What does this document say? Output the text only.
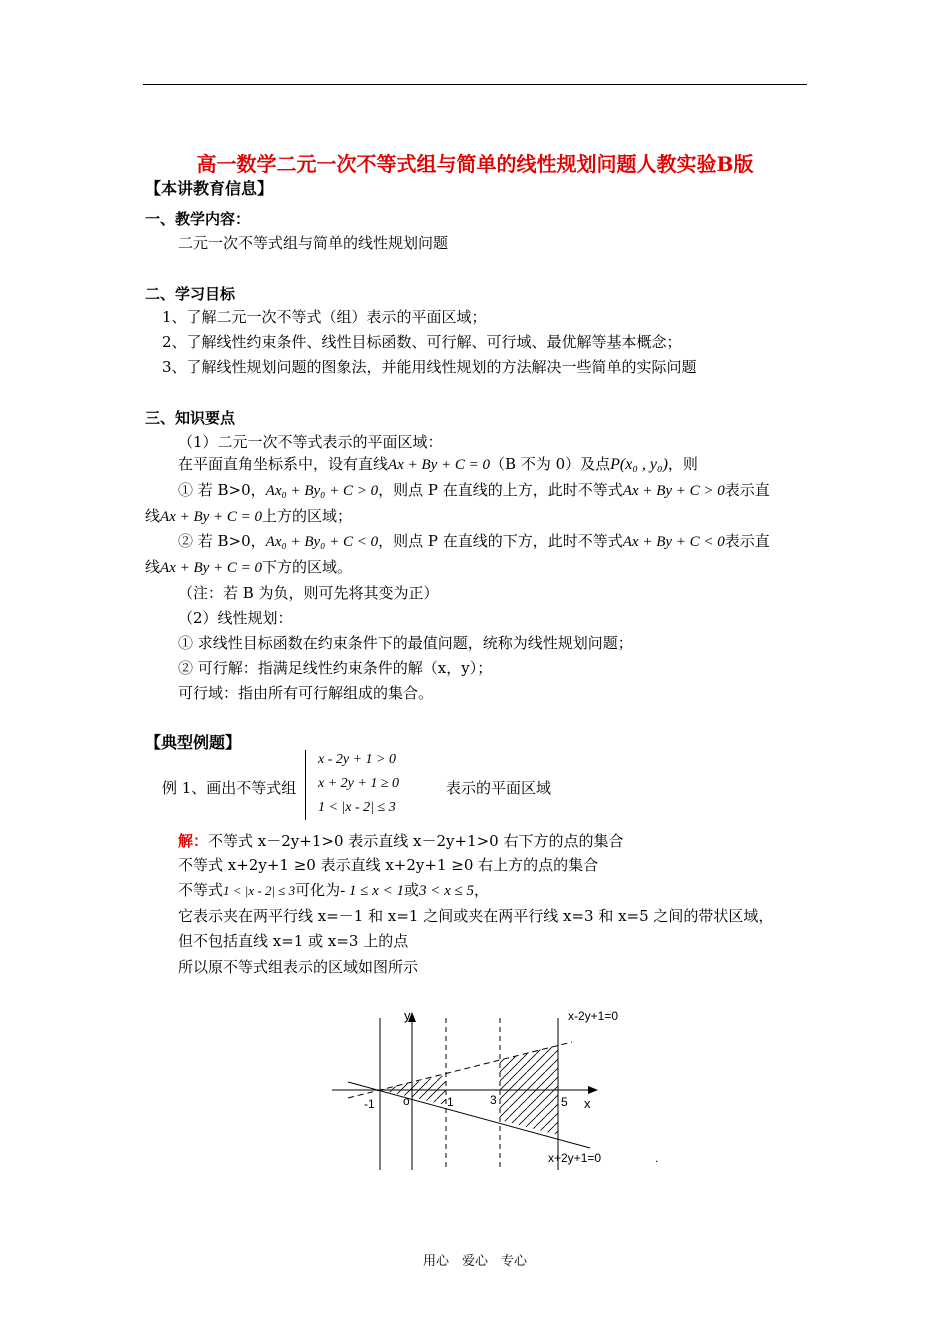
高一数学二元一次不等式组与简单的线性规划问题人教实验B版
【本讲教育信息】
一、教学内容：
二元一次不等式组与简单的线性规划问题
二、学习目标
1、了解二元一次不等式（组）表示的平面区域；
2、了解线性约束条件、线性目标函数、可行解、可行域、最优解等基本概念；
3、了解线性规划问题的图象法，并能用线性规划的方法解决一些简单的实际问题
三、知识要点
（1）二元一次不等式表示的平面区域：
在平面直角坐标系中，设有直线Ax + By + C = 0（B 不为 0）及点P(x₀ , y₀)，则
① 若 B>0，Ax₀ + By₀ + C > 0，则点 P 在直线的上方，此时不等式Ax + By + C > 0表示直
线Ax + By + C = 0上方的区域；
② 若 B>0，Ax₀ + By₀ + C < 0，则点 P 在直线的下方，此时不等式Ax + By + C < 0表示直
线Ax + By + C = 0下方的区域。
（注：若 B 为负，则可先将其变为正）
（2）线性规划：
① 求线性目标函数在约束条件下的最值问题，统称为线性规划问题；
② 可行解：指满足线性约束条件的解（x，y）；
可行域：指由所有可行解组成的集合。
【典型例题】
例 1、画出不等式组
x - 2y + 1 > 0
x + 2y + 1 ≥ 0
1 < |x - 2| ≤ 3
表示的平面区域
解：不等式 x－2y+1>0 表示直线 x－2y+1>0 右下方的点的集合
不等式 x+2y+1 ≥0 表示直线 x+2y+1 ≥0 右上方的点的集合
不等式1 < |x - 2| ≤ 3可化为- 1 ≤ x < 1或3 < x ≤ 5，
它表示夹在两平行线 x=－1 和 x=1 之间或夹在两平行线 x=3 和 x=5 之间的带状区域，
但不包括直线 x=1 或 x=3 上的点
所以原不等式组表示的区域如图所示
y
x
o
-1	1	3	5
x-2y+1=0
x+2y+1=0	.
用心　爱心　专心
